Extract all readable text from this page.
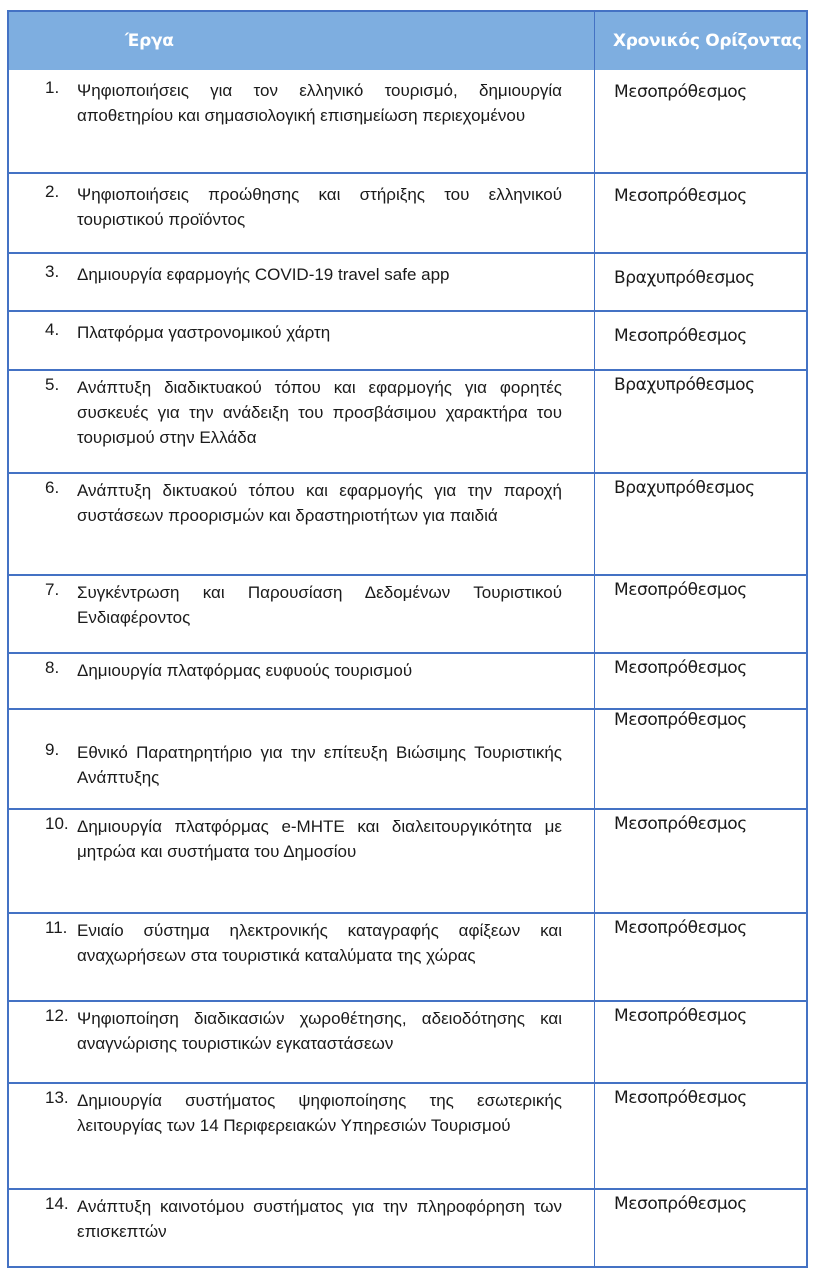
Έργα	Χρονικός Ορίζοντας
1.	Ψηφιοποιήσεις για τον ελληνικό τουρισμό, δημιουργία αποθετηρίου και σημασιολογική επισημείωση περιεχομένου
Μεσοπρόθεσμος
2.	Ψηφιοποιήσεις προώθησης και στήριξης του ελληνικού τουριστικού προϊόντος
Μεσοπρόθεσμος
3.	Δημιουργία εφαρμογής COVID-19 travel safe app	Βραχυπρόθεσμος
4.	Πλατφόρμα γαστρονομικού χάρτη	Μεσοπρόθεσμος
5.	Ανάπτυξη διαδικτυακού τόπου και εφαρμογής για φορητές συσκευές για την ανάδειξη του προσβάσιμου χαρακτήρα του τουρισμού στην Ελλάδα
Βραχυπρόθεσμος
6.	Ανάπτυξη δικτυακού τόπου και εφαρμογής για την παροχή συστάσεων προορισμών και δραστηριοτήτων για παιδιά
Βραχυπρόθεσμος
7.	Συγκέντρωση και Παρουσίαση Δεδομένων Τουριστικού Ενδιαφέροντος
Μεσοπρόθεσμος
8.	Δημιουργία πλατφόρμας ευφυούς τουρισμού	Μεσοπρόθεσμος
9.	Εθνικό Παρατηρητήριο για την επίτευξη Βιώσιμης Τουριστικής Ανάπτυξης
Μεσοπρόθεσμος
10. Δημιουργία πλατφόρμας e-ΜΗΤΕ και διαλειτουργικότητα με μητρώα και συστήματα του Δημοσίου
Μεσοπρόθεσμος
11. Ενιαίο σύστημα ηλεκτρονικής καταγραφής αφίξεων και αναχωρήσεων στα τουριστικά καταλύματα της χώρας
Μεσοπρόθεσμος
12. Ψηφιοποίηση διαδικασιών χωροθέτησης, αδειοδότησης και αναγνώρισης τουριστικών εγκαταστάσεων
Μεσοπρόθεσμος
13. Δημιουργία συστήματος ψηφιοποίησης της εσωτερικής λειτουργίας των 14 Περιφερειακών Υπηρεσιών Τουρισμού
Μεσοπρόθεσμος
14. Ανάπτυξη καινοτόμου συστήματος για την πληροφόρηση των επισκεπτών
Μεσοπρόθεσμος
